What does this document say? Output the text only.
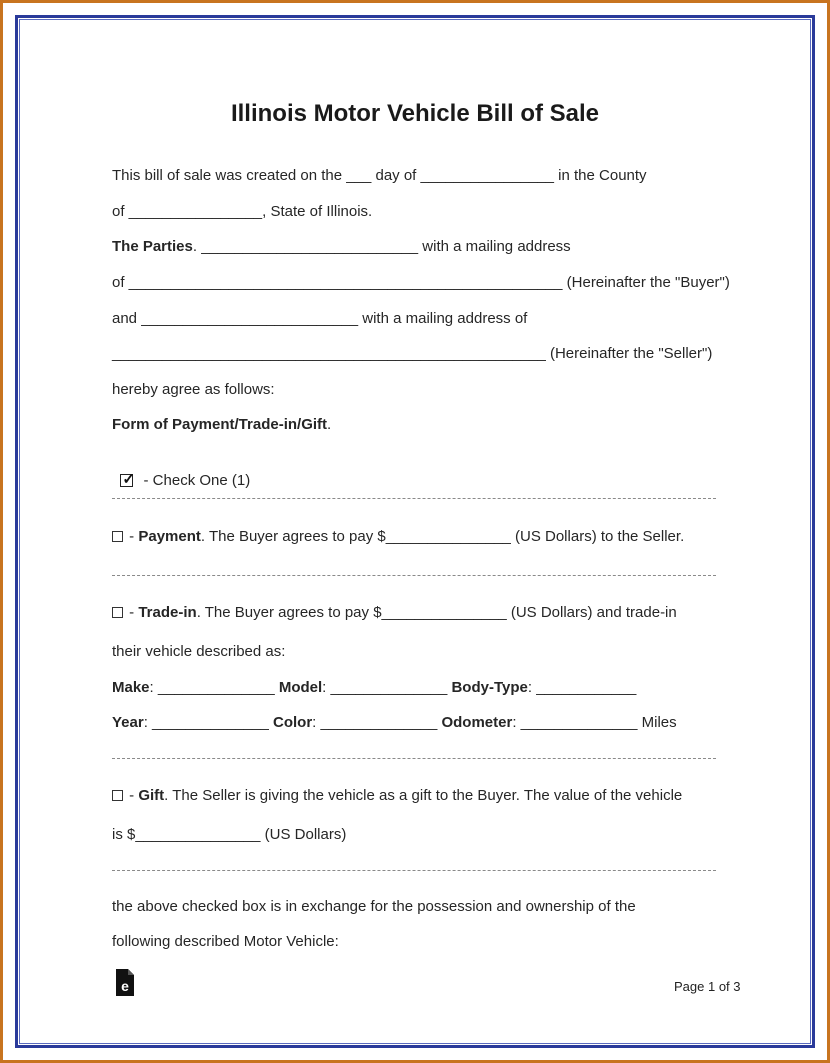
Illinois Motor Vehicle Bill of Sale
This bill of sale was created on the ___ day of ________________ in the County
of ________________, State of Illinois.
The Parties. __________________________ with a mailing address
of ____________________________________________________ (Hereinafter the "Buyer")
and __________________________ with a mailing address of
____________________________________________________ (Hereinafter the "Seller")
hereby agree as follows:
Form of Payment/Trade-in/Gift.

✓ - Check One (1)

- Payment. The Buyer agrees to pay $_______________ (US Dollars) to the Seller.
- Trade-in. The Buyer agrees to pay $_______________ (US Dollars) and trade-in
their vehicle described as:
Make: ______________ Model: ______________ Body-Type: ____________
Year: ______________ Color: ______________ Odometer: ______________ Miles
- Gift. The Seller is giving the vehicle as a gift to the Buyer. The value of the vehicle
is $_______________ (US Dollars)
the above checked box is in exchange for the possession and ownership of the
following described Motor Vehicle:
e	Page 1 of 3
